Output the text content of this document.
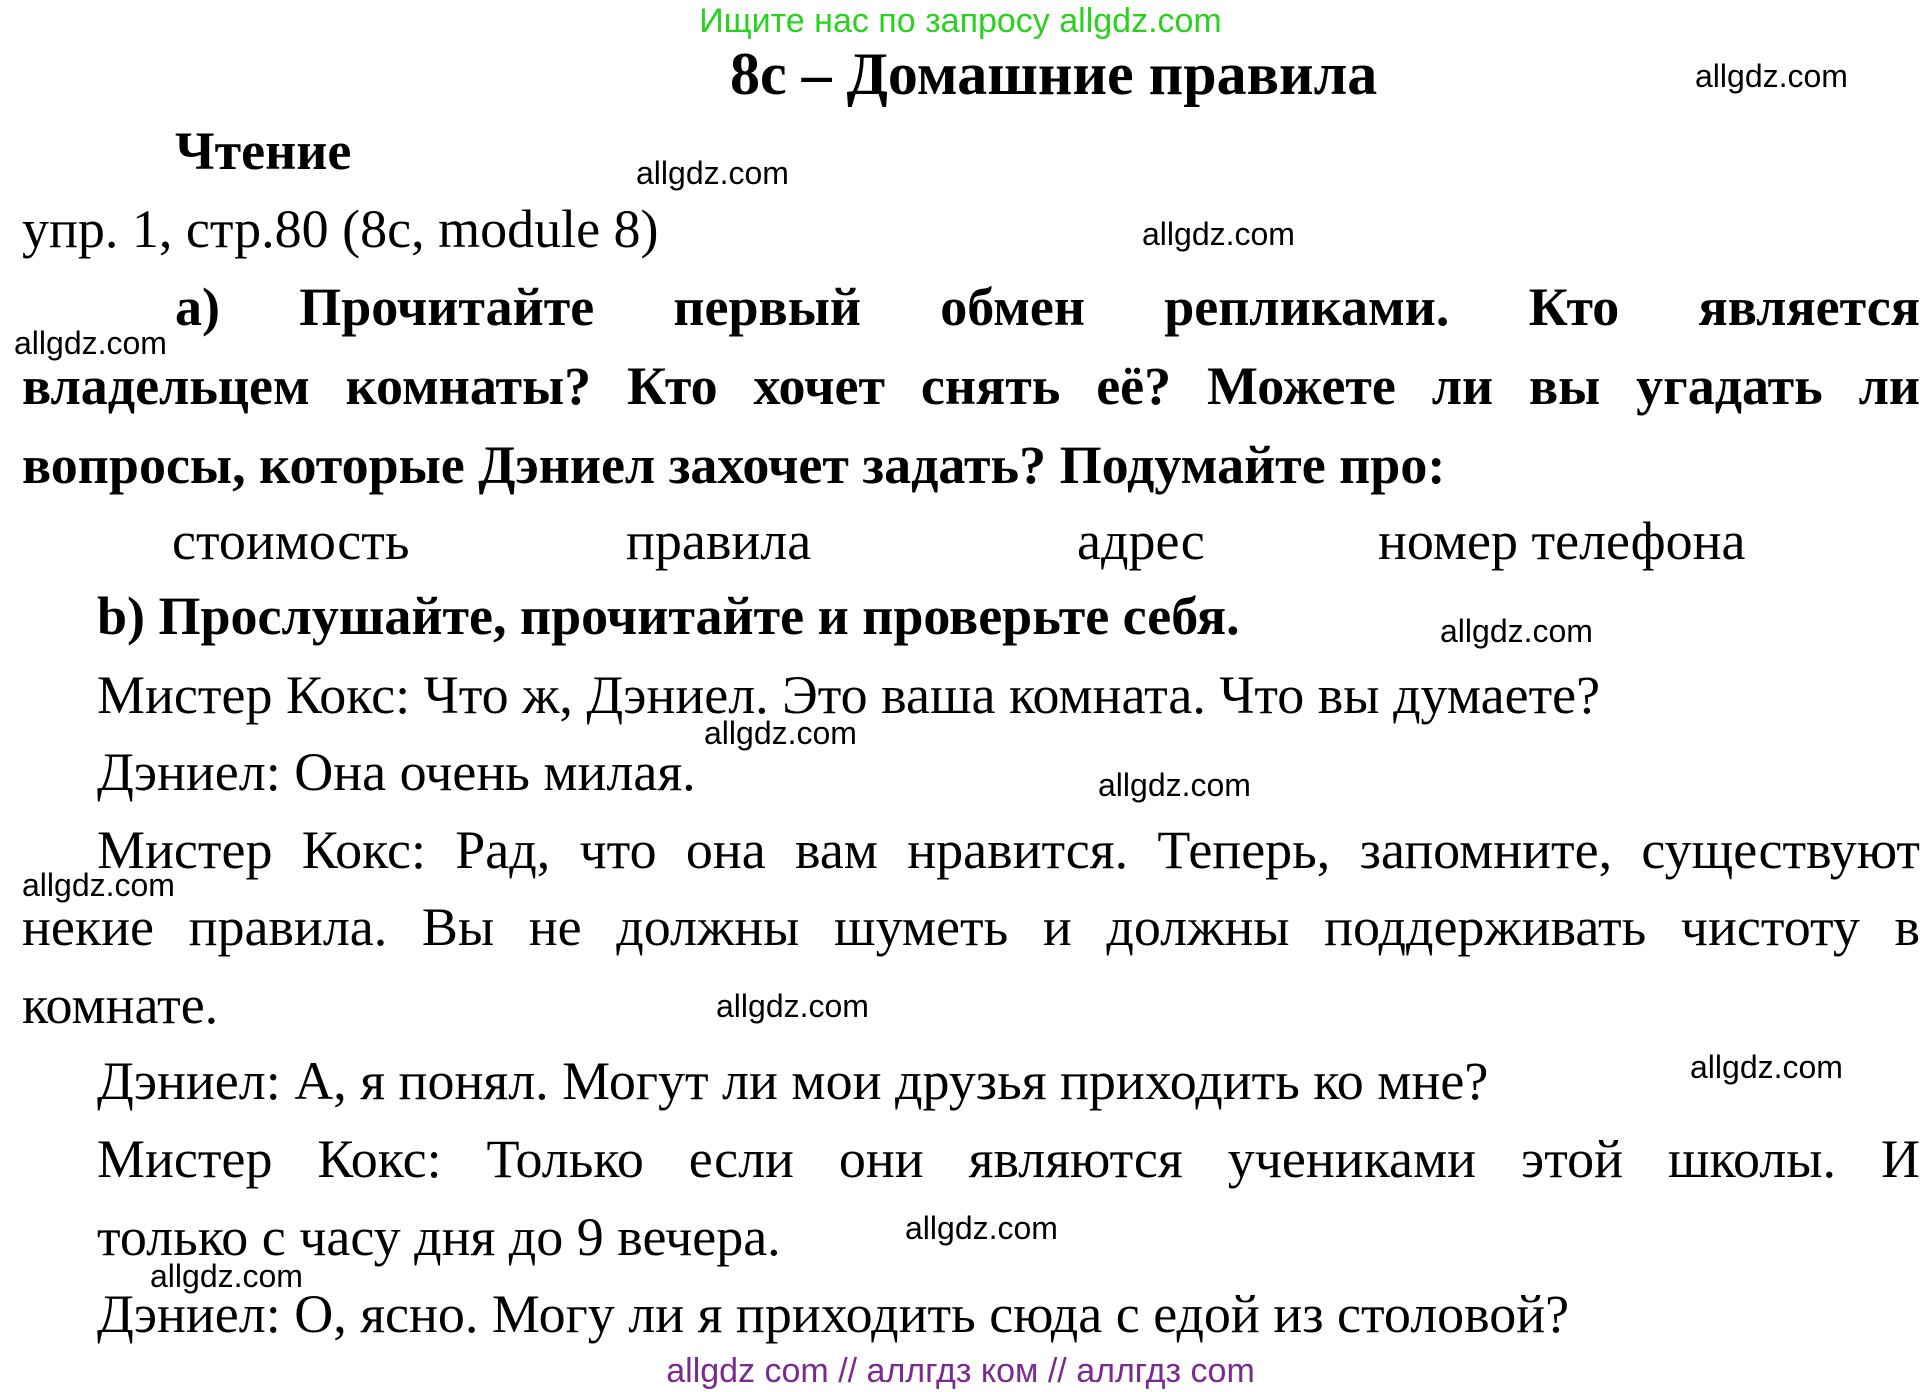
Ищите нас по запросу allgdz.com
8c – Домашние правила	allgdz.com
Чтение	allgdz.com
упр. 1, стр.80 (8c, module 8)	allgdz.com
а) Прочитайте первый обмен репликами. Кто является
allgdz.com
владельцем комнаты? Кто хочет снять её? Можете ли вы угадать ли
вопросы, которые Дэниел захочет задать? Подумайте про:
стоимость	правила	адрес	номер телефона
b) Прослушайте, прочитайте и проверьте себя.	allgdz.com
Мистер Кокс: Что ж, Дэниел. Это ваша комната. Что вы думаете?
allgdz.com
Дэниел: Она очень милая.	allgdz.com
Мистер Кокс: Рад, что она вам нравится. Теперь, запомните, существуют
allgdz.com
некие правила. Вы не должны шуметь и должны поддерживать чистоту в
комнате.	allgdz.com
Дэниел: А, я понял. Могут ли мои друзья приходить ко мне?	allgdz.com
Мистер Кокс: Только если они являются учениками этой школы. И
только с часу дня до 9 вечера.	allgdz.com
allgdz.com
Дэниел: О, ясно. Могу ли я приходить сюда с едой из столовой?
allgdz com // аллгдз ком // аллгдз com
